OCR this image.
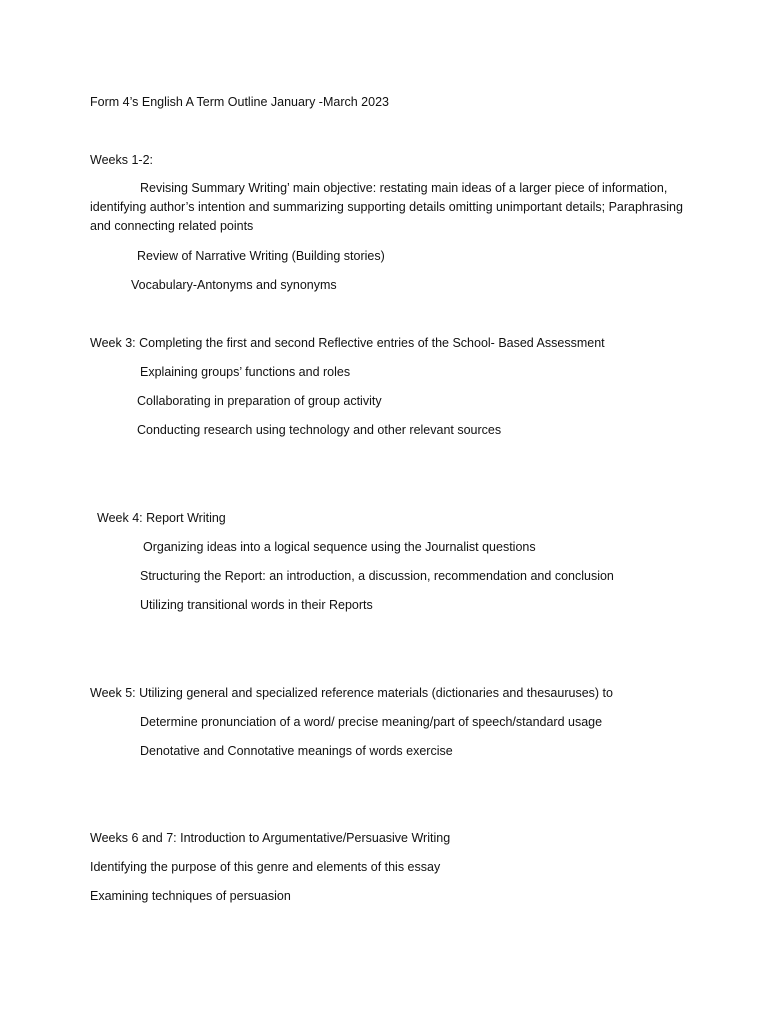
Form 4’s English A Term Outline January -March 2023
Weeks 1-2:
Revising Summary Writing’ main objective: restating main ideas of a larger piece of information, identifying author’s intention and summarizing supporting details omitting unimportant details; Paraphrasing and connecting related points
Review of Narrative Writing (Building stories)
Vocabulary-Antonyms and synonyms
Week 3: Completing the first and second Reflective entries of the School- Based Assessment
Explaining groups’ functions and roles
Collaborating in preparation of group activity
Conducting research using technology and other relevant sources
Week 4: Report Writing
Organizing ideas into a logical sequence using the Journalist questions
Structuring the Report: an introduction, a discussion, recommendation and conclusion
Utilizing transitional words in their Reports
Week 5: Utilizing general and specialized reference materials (dictionaries and thesauruses) to
Determine pronunciation of a word/ precise meaning/part of speech/standard usage
Denotative and Connotative meanings of words exercise
Weeks 6 and 7: Introduction to Argumentative/Persuasive Writing
Identifying the purpose of this genre and elements of this essay
Examining techniques of persuasion
